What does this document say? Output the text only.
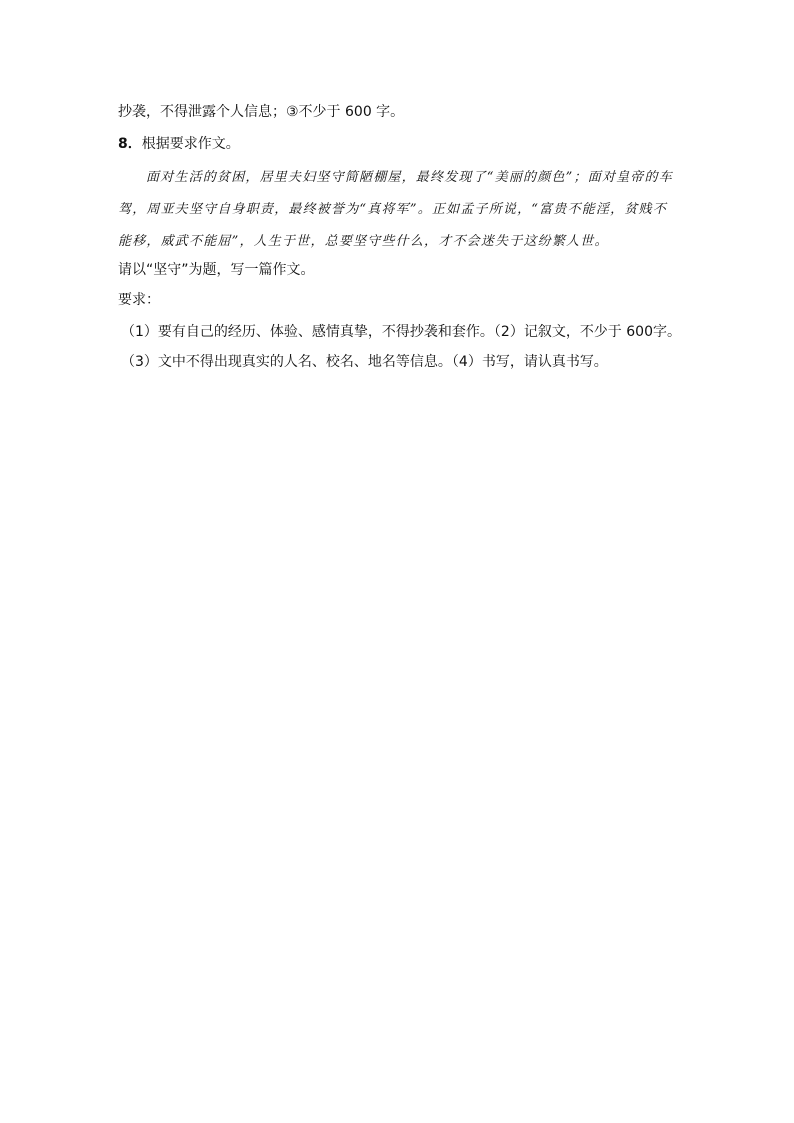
抄袭，不得泄露个人信息；③不少于 600 字。
8．根据要求作文。
面对生活的贫困，居里夫妇坚守简陋棚屋，最终发现了“美丽的颜色”；面对皇帝的车
驾，周亚夫坚守自身职责，最终被誉为“真将军”。正如孟子所说，“富贵不能淫，贫贱不
能移，威武不能屈”，人生于世，总要坚守些什么，才不会迷失于这纷繁人世。
请以“坚守”为题，写一篇作文。
要求：
（1）要有自己的经历、体验、感情真挚，不得抄袭和套作。（2）记叙文，不少于 600字。
（3）文中不得出现真实的人名、校名、地名等信息。（4）书写，请认真书写。
